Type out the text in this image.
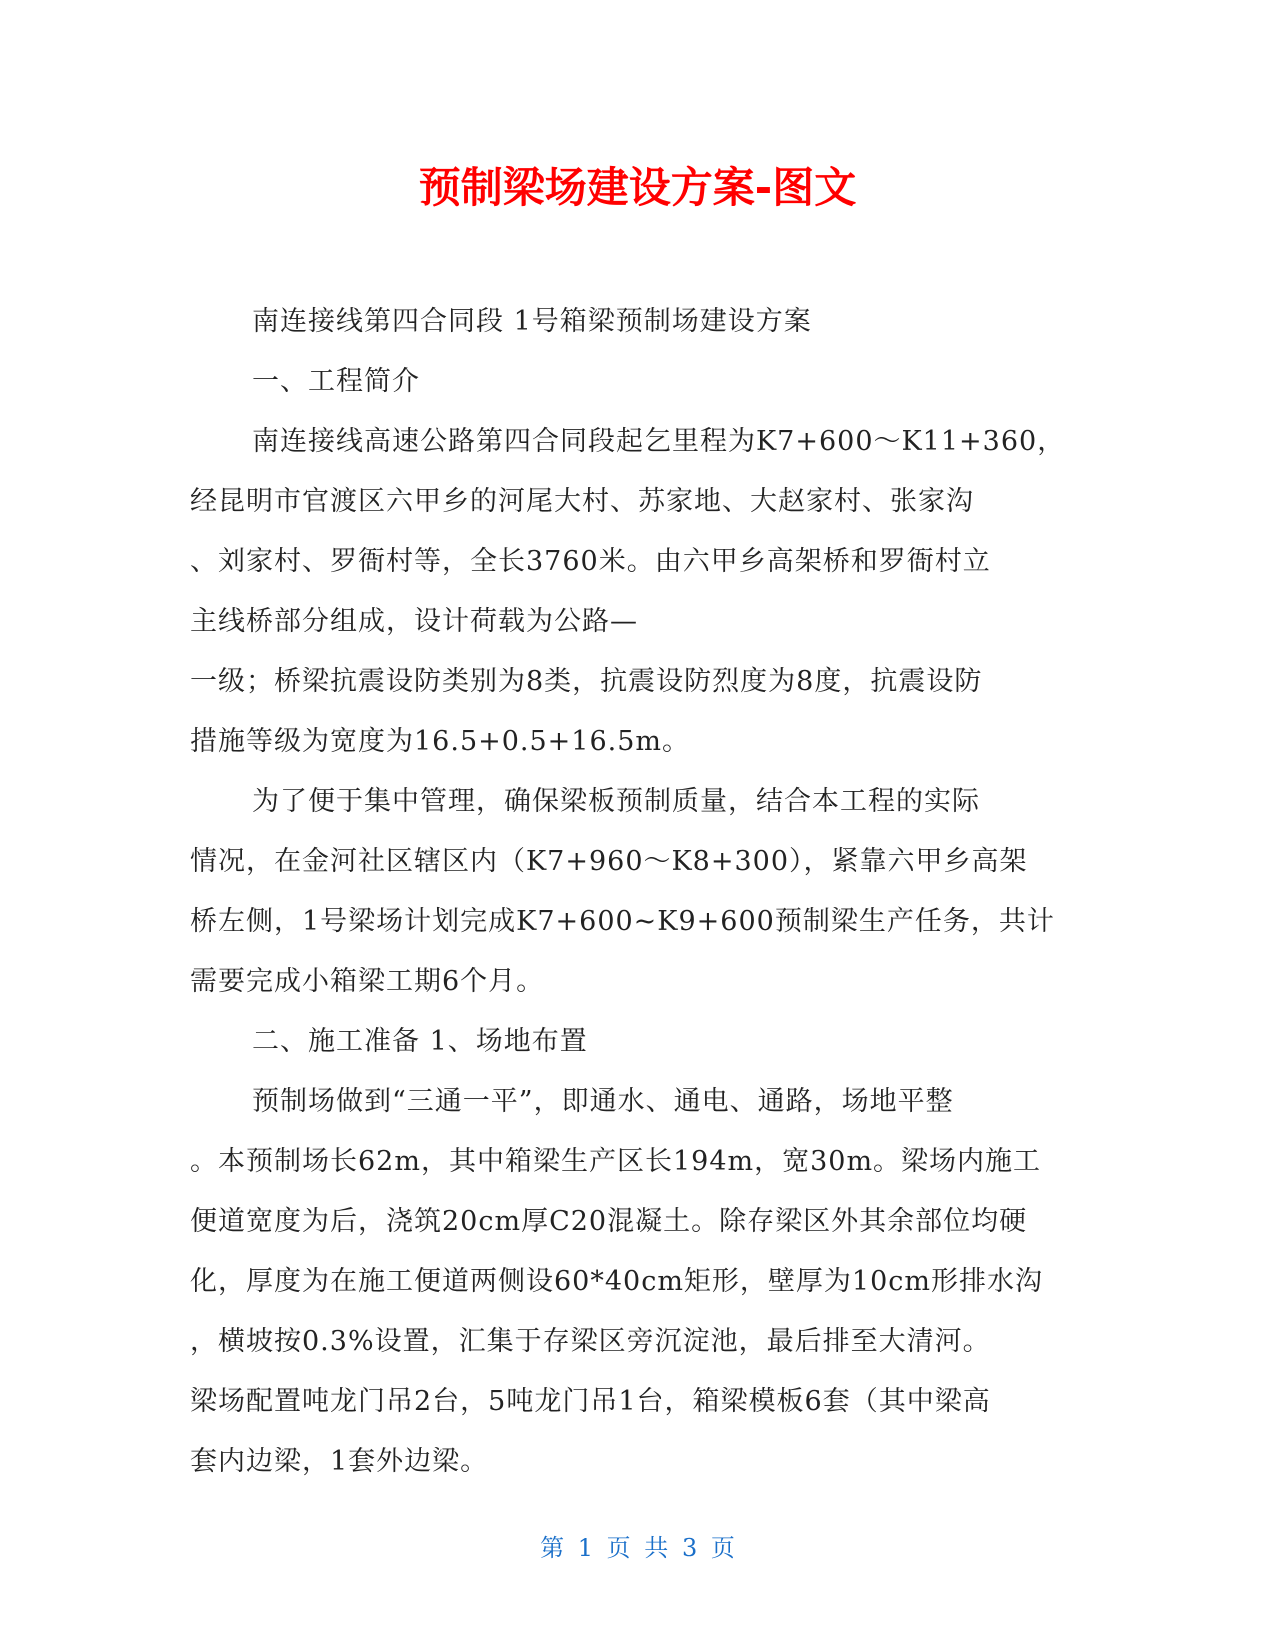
预制梁场建设方案-图文

南连接线第四合同段 1号箱梁预制场建设方案

一、工程简介

南连接线高速公路第四合同段起乞里程为K7+600～K11+360，

经昆明市官渡区六甲乡的河尾大村、苏家地、大赵家村、张家沟

、刘家村、罗衙村等，全长3760米。由六甲乡高架桥和罗衙村立

主线桥部分组成，设计荷载为公路—

一级；桥梁抗震设防类别为8类，抗震设防烈度为8度，抗震设防

措施等级为宽度为16.5+0.5+16.5m。

为了便于集中管理，确保梁板预制质量，结合本工程的实际

情况，在金河社区辖区内（K7+960～K8+300），紧靠六甲乡高架

桥左侧，1号梁场计划完成K7+600~K9+600预制梁生产任务，共计

需要完成小箱梁工期6个月。

二、施工准备 1、场地布置

预制场做到“三通一平”，即通水、通电、通路，场地平整

。本预制场长62m，其中箱梁生产区长194m，宽30m。梁场内施工

便道宽度为后，浇筑20cm厚C20混凝土。除存梁区外其余部位均硬

化，厚度为在施工便道两侧设60*40cm矩形，壁厚为10cm形排水沟

，横坡按0.3%设置，汇集于存梁区旁沉淀池，最后排至大清河。

梁场配置吨龙门吊2台，5吨龙门吊1台，箱梁模板6套（其中梁高

套内边梁，1套外边梁。

第 1 页 共 3 页
